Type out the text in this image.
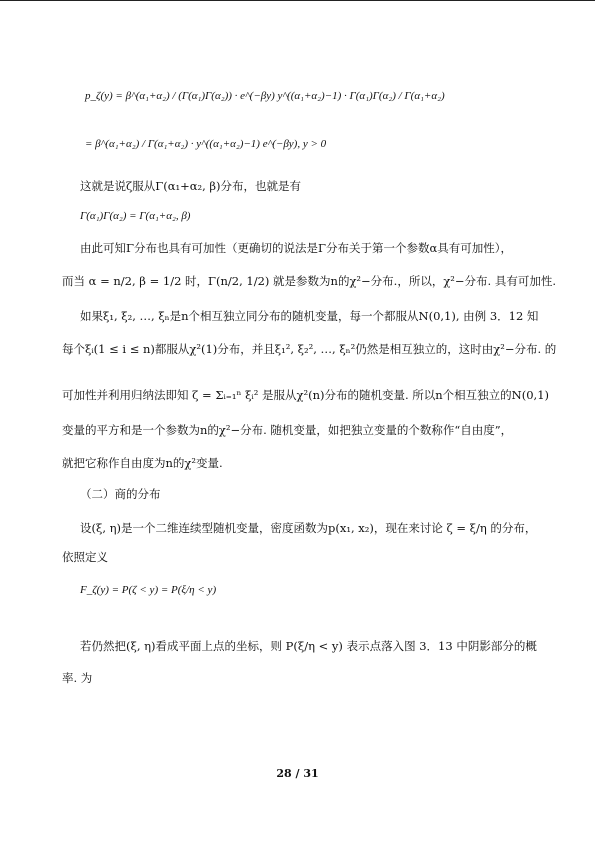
p_ζ(y) = β^(α₁+α₂) / (Γ(α₁)Γ(α₂)) · e^(−βy) y^((α₁+α₂)−1) · Γ(α₁)Γ(α₂) / Γ(α₁+α₂)
= β^(α₁+α₂) / Γ(α₁+α₂) · y^((α₁+α₂)−1) e^(−βy), y > 0
这就是说ζ服从Γ(α₁+α₂, β)分布，也就是有
Γ(α₁)Γ(α₂) = Γ(α₁+α₂, β)
由此可知Γ分布也具有可加性（更确切的说法是Γ分布关于第一个参数α具有可加性），
而当 α = n/2, β = 1/2 时，Γ(n/2, 1/2) 就是参数为n的χ²−分布.，所以，χ²−分布. 具有可加性.
如果ξ₁, ξ₂, …, ξₙ是n个相互独立同分布的随机变量，每一个都服从N(0,1), 由例 3．12 知
每个ξᵢ(1 ≤ i ≤ n)都服从χ²(1)分布，并且ξ₁², ξ₂², …, ξₙ²仍然是相互独立的，这时由χ²−分布. 的
可加性并利用归纳法即知 ζ = Σᵢ₌₁ⁿ ξᵢ² 是服从χ²(n)分布的随机变量. 所以n个相互独立的N(0,1)
变量的平方和是一个参数为n的χ²−分布. 随机变量，如把独立变量的个数称作“自由度”，
就把它称作自由度为n的χ²变量.
（二）商的分布
设(ξ, η)是一个二维连续型随机变量，密度函数为p(x₁, x₂)，现在来讨论 ζ = ξ/η 的分布，
依照定义
F_ζ(y) = P(ζ < y) = P(ξ/η < y)
若仍然把(ξ, η)看成平面上点的坐标，则 P(ξ/η < y) 表示点落入图 3．13 中阴影部分的概
率. 为
28 / 31
